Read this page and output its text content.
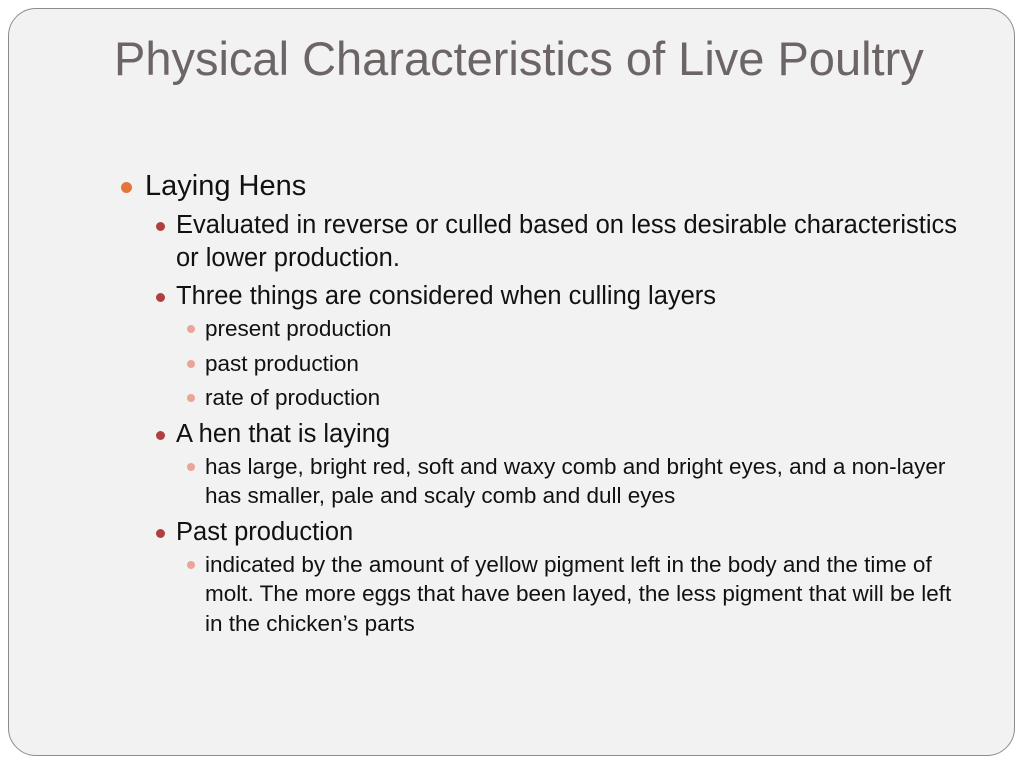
Physical Characteristics of Live Poultry
Laying Hens
Evaluated in reverse or culled based on less desirable characteristics or lower production.
Three things are considered when culling layers
present production
past production
rate of production
A hen that is laying
has large, bright red, soft and waxy comb and bright eyes, and a non-layer has smaller, pale and scaly comb and dull eyes
Past production
indicated by the amount of yellow pigment left in the body and the time of molt. The more eggs that have been layed, the less pigment that will be left in the chicken’s parts
